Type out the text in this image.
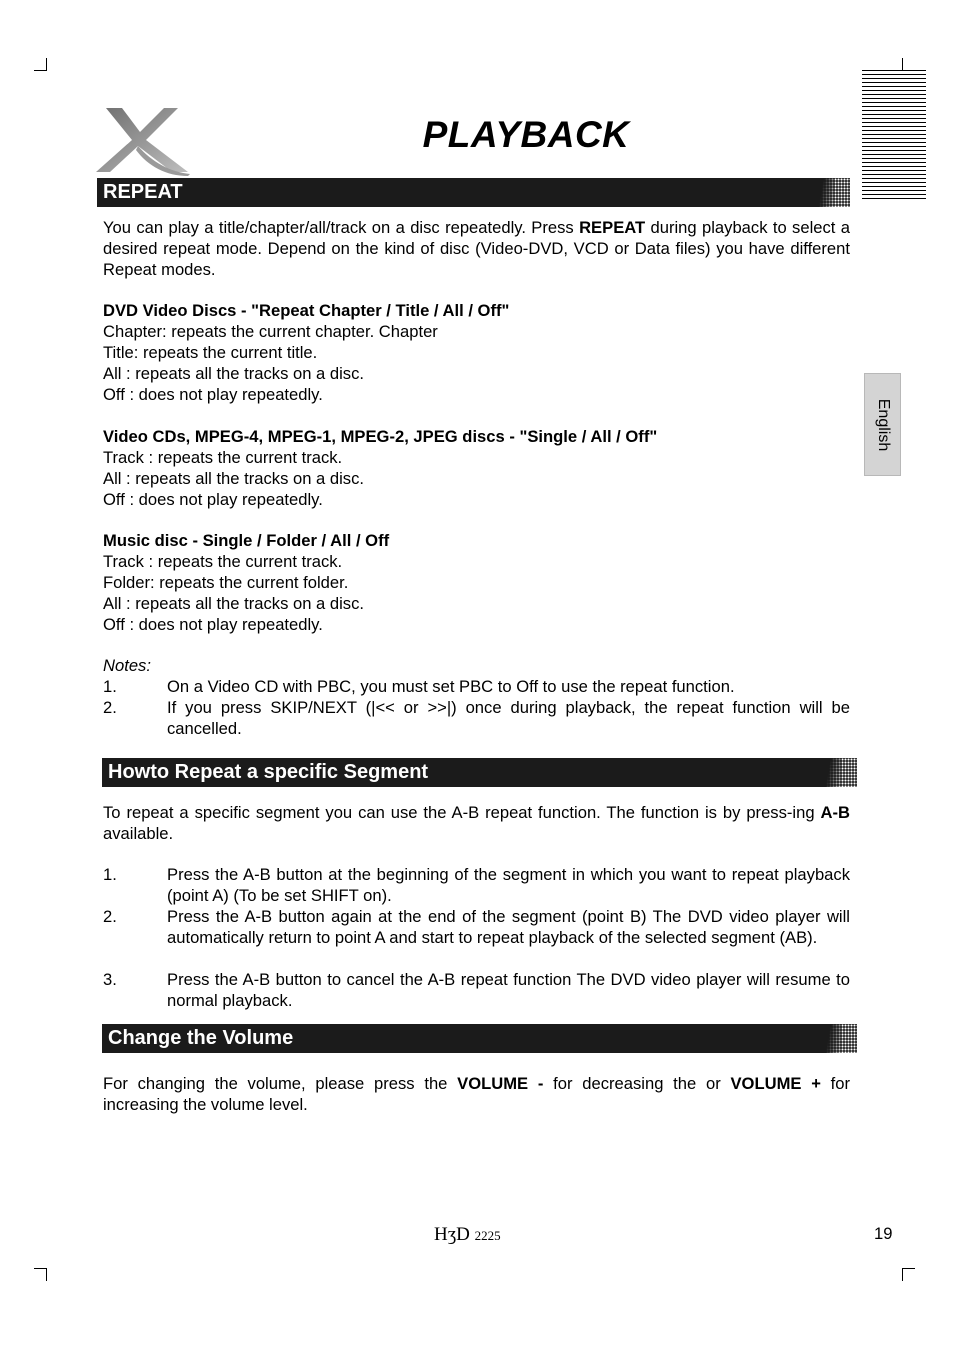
PLAYBACK
English
REPEAT
You can play a title/chapter/all/track on a disc repeatedly. Press REPEAT during playback to select a desired repeat mode. Depend on the kind of disc (Video-DVD, VCD or Data files) you have different Repeat modes.
DVD Video Discs - "Repeat Chapter / Title / All / Off"
Chapter: repeats the current chapter. Chapter
Title: repeats the current title.
All : repeats all the tracks on a disc.
Off : does not play repeatedly.
Video CDs, MPEG-4, MPEG-1, MPEG-2, JPEG discs - "Single / All / Off"
Track : repeats the current track.
All : repeats all the tracks on a disc.
Off : does not play repeatedly.
Music disc - Single / Folder / All / Off
Track : repeats the current track.
Folder: repeats the current folder.
All : repeats all the tracks on a disc.
Off : does not play repeatedly.
Notes:
1.	On a Video CD with PBC, you must set PBC to Off to use the repeat function.
2.	If you press SKIP/NEXT (|<< or >>|) once during playback, the repeat function will be cancelled.
Howto Repeat a specific Segment
To repeat a specific segment you can use the A-B repeat function. The function is by press-ing A-B available.
1.	Press the A-B button at the beginning of the segment in which you want to repeat playback (point A) (To be set SHIFT on).
2.	Press the A-B button again at the end of the segment (point B) The DVD video player will automatically return to point A and start to repeat playback of the selected segment (AB).
3.	Press the A-B button to cancel the A-B repeat function The DVD video player will resume to normal playback.
Change the Volume
For changing the volume, please press the VOLUME - for decreasing the or VOLUME + for increasing the volume level.
HʒD 2225	19
